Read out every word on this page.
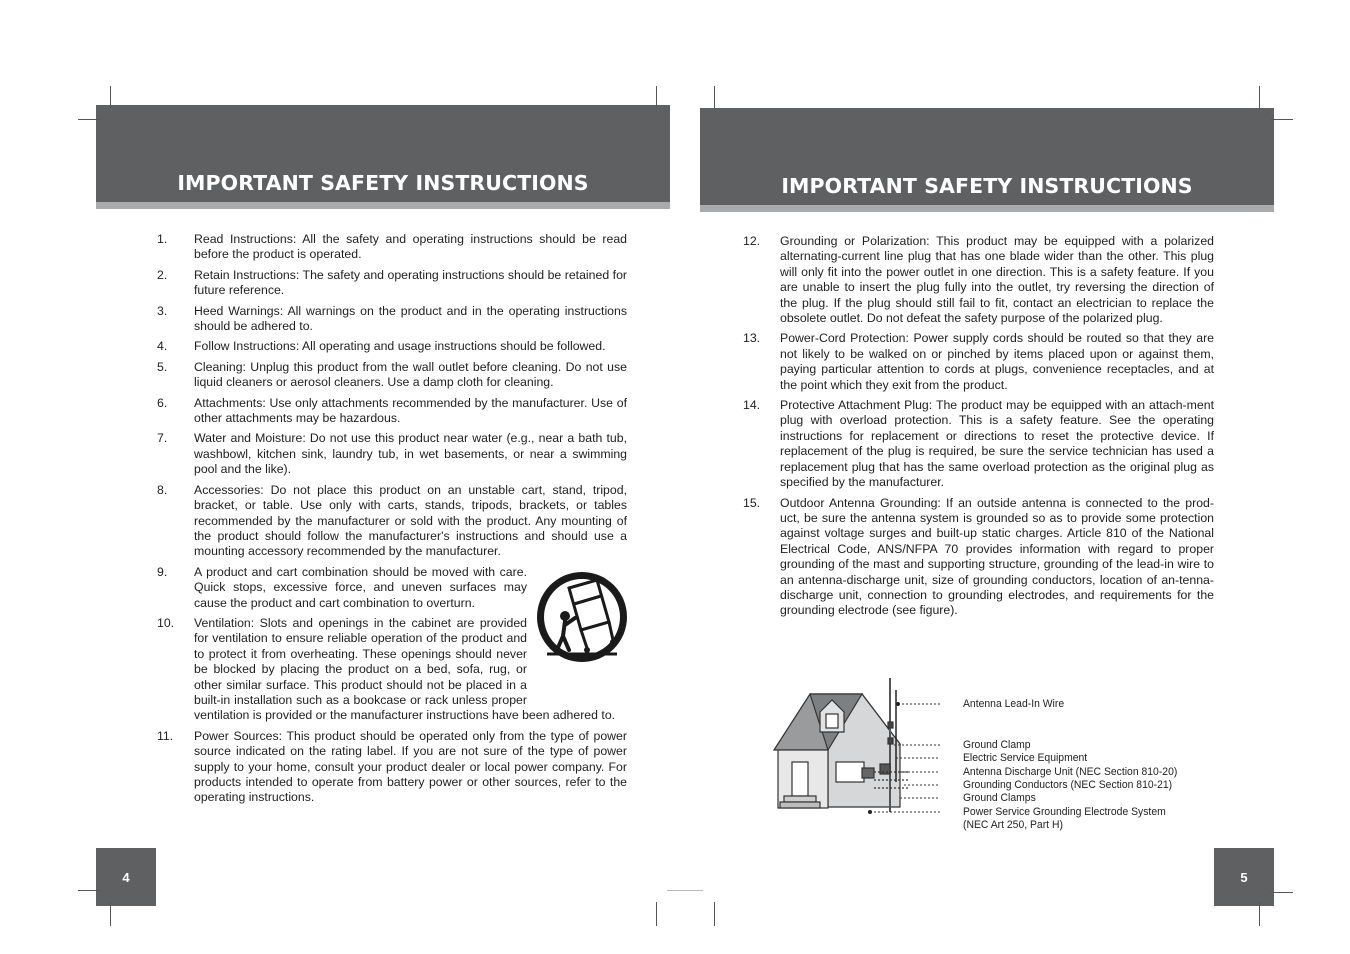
IMPORTANT SAFETY INSTRUCTIONS
1.	Read Instructions: All the safety and operating instructions should be read before the product is operated.
2.	Retain Instructions: The safety and operating instructions should be retained for future reference.
3.	Heed Warnings: All warnings on the product and in the operating instructions should be adhered to.
4.	Follow Instructions: All operating and usage instructions should be followed.
5.	Cleaning: Unplug this product from the wall outlet before cleaning. Do not use liquid cleaners or aerosol cleaners. Use a damp cloth for cleaning.
6.	Attachments: Use only attachments recommended by the manufacturer. Use of other attachments may be hazardous.
7.	Water and Moisture: Do not use this product near water (e.g., near a bath tub, washbowl, kitchen sink, laundry tub, in wet basements, or near a swimming pool and the like).
8.	Accessories: Do not place this product on an unstable cart, stand, tripod, bracket, or table. Use only with carts, stands, tripods, brackets, or tables recommended by the manufacturer or sold with the product. Any mounting of the product should follow the manufacturer's instructions and should use a mounting accessory recommended by the manufacturer.
9.	A product and cart combination should be moved with care. Quick stops, excessive force, and uneven surfaces may cause the product and cart combination to overturn.
10.	Ventilation: Slots and openings in the cabinet are provided for ventilation to ensure reliable operation of the product and to protect it from overheating. These openings should never be blocked by placing the product on a bed, sofa, rug, or other similar surface. This product should not be placed in a built-in installation such as a bookcase or rack unless proper ventilation is provided or the manufacturer instructions have been adhered to.
11.	Power Sources: This product should be operated only from the type of power source indicated on the rating label. If you are not sure of the type of power supply to your home, consult your product dealer or local power company. For products intended to operate from battery power or other sources, refer to the operating instructions.
4
IMPORTANT SAFETY INSTRUCTIONS
12.	Grounding or Polarization: This product may be equipped with a polarized alternating-current line plug that has one blade wider than the other. This plug will only fit into the power outlet in one direction. This is a safety feature. If you are unable to insert the plug fully into the outlet, try reversing the direction of the plug. If the plug should still fail to fit, contact an electrician to replace the obsolete outlet. Do not defeat the safety purpose of the polarized plug.
13.	Power-Cord Protection: Power supply cords should be routed so that they are not likely to be walked on or pinched by items placed upon or against them, paying particular attention to cords at plugs, convenience receptacles, and at the point which they exit from the product.
14.	Protective Attachment Plug: The product may be equipped with an attach-ment plug with overload protection. This is a safety feature. See the operating instructions for replacement or directions to reset the protective device. If replacement of the plug is required, be sure the service technician has used a replacement plug that has the same overload protection as the original plug as specified by the manufacturer.
15.	Outdoor Antenna Grounding: If an outside antenna is connected to the prod-uct, be sure the antenna system is grounded so as to provide some protection against voltage surges and built-up static charges. Article 810 of the National Electrical Code, ANS/NFPA 70 provides information with regard to proper grounding of the mast and supporting structure, grounding of the lead-in wire to an antenna-discharge unit, size of grounding conductors, location of an-tenna-discharge unit, connection to grounding electrodes, and requirements for the grounding electrode (see figure).
Antenna Lead-In Wire
Ground Clamp
Electric Service Equipment
Antenna Discharge Unit (NEC Section 810-20)
Grounding Conductors (NEC Section 810-21)
Ground Clamps
Power Service Grounding Electrode System
(NEC Art 250, Part H)
5
